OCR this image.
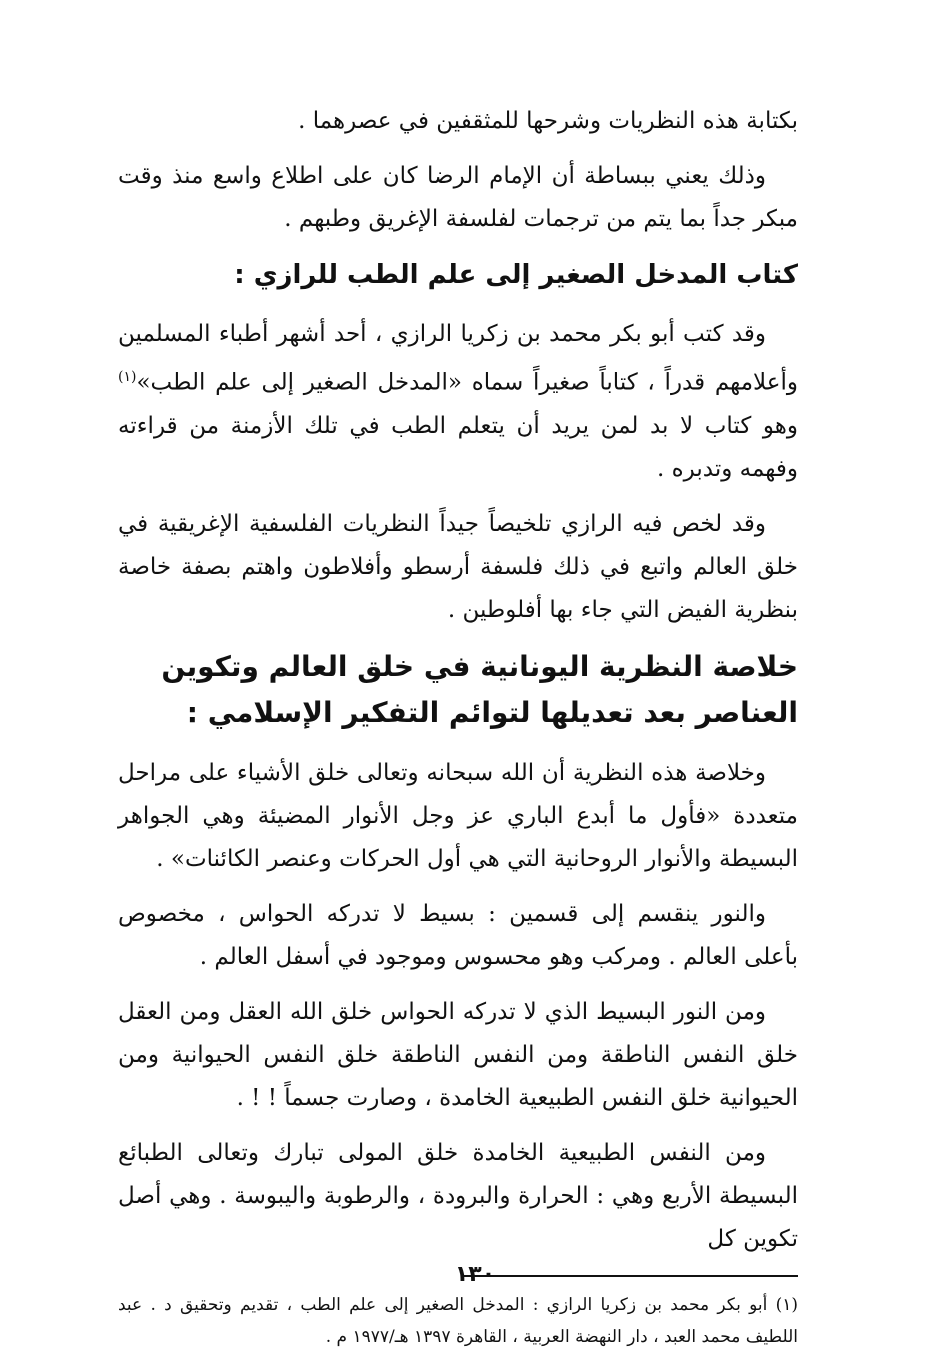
بكتابة هذه النظريات وشرحها للمثقفين في عصرهما .

وذلك يعني ببساطة أن الإمام الرضا كان على اطلاع واسع منذ وقت مبكر جداً بما يتم من ترجمات لفلسفة الإغريق وطبهم .

كتاب المدخل الصغير إلى علم الطب للرازي :

وقد كتب أبو بكر محمد بن زكريا الرازي ، أحد أشهر أطباء المسلمين وأعلامهم قدراً ، كتاباً صغيراً سماه «المدخل الصغير إلى علم الطب»$^{(١)}$ وهو كتاب لا بد لمن يريد أن يتعلم الطب في تلك الأزمنة من قراءته وفهمه وتدبره .

وقد لخص فيه الرازي تلخيصاً جيداً النظريات الفلسفية الإغريقية في خلق العالم واتبع في ذلك فلسفة أرسطو وأفلاطون واهتم بصفة خاصة بنظرية الفيض التي جاء بها أفلوطين .

خلاصة النظرية اليونانية في خلق العالم وتكوين العناصر بعد تعديلها لتوائم التفكير الإسلامي :

وخلاصة هذه النظرية أن الله سبحانه وتعالى خلق الأشياء على مراحل متعددة «فأول ما أبدع الباري عز وجل الأنوار المضيئة وهي الجواهر البسيطة والأنوار الروحانية التي هي أول الحركات وعنصر الكائنات» .

والنور ينقسم إلى قسمين : بسيط لا تدركه الحواس ، مخصوص بأعلى العالم . ومركب وهو محسوس وموجود في أسفل العالم .

ومن النور البسيط الذي لا تدركه الحواس خلق الله العقل ومن العقل خلق النفس الناطقة ومن النفس الناطقة خلق النفس الحيوانية ومن الحيوانية خلق النفس الطبيعية الخامدة ، وصارت جسماً ! ! .

ومن النفس الطبيعية الخامدة خلق المولى تبارك وتعالى الطبائع البسيطة الأربع وهي : الحرارة والبرودة ، والرطوبة واليبوسة . وهي أصل تكوين كل

(١) أبو بكر محمد بن زكريا الرازي : المدخل الصغير إلى علم الطب ، تقديم وتحقيق د . عبد اللطيف محمد العبد ، دار النهضة العربية ، القاهرة ١٣٩٧ هـ/١٩٧٧ م .

١٣٠
